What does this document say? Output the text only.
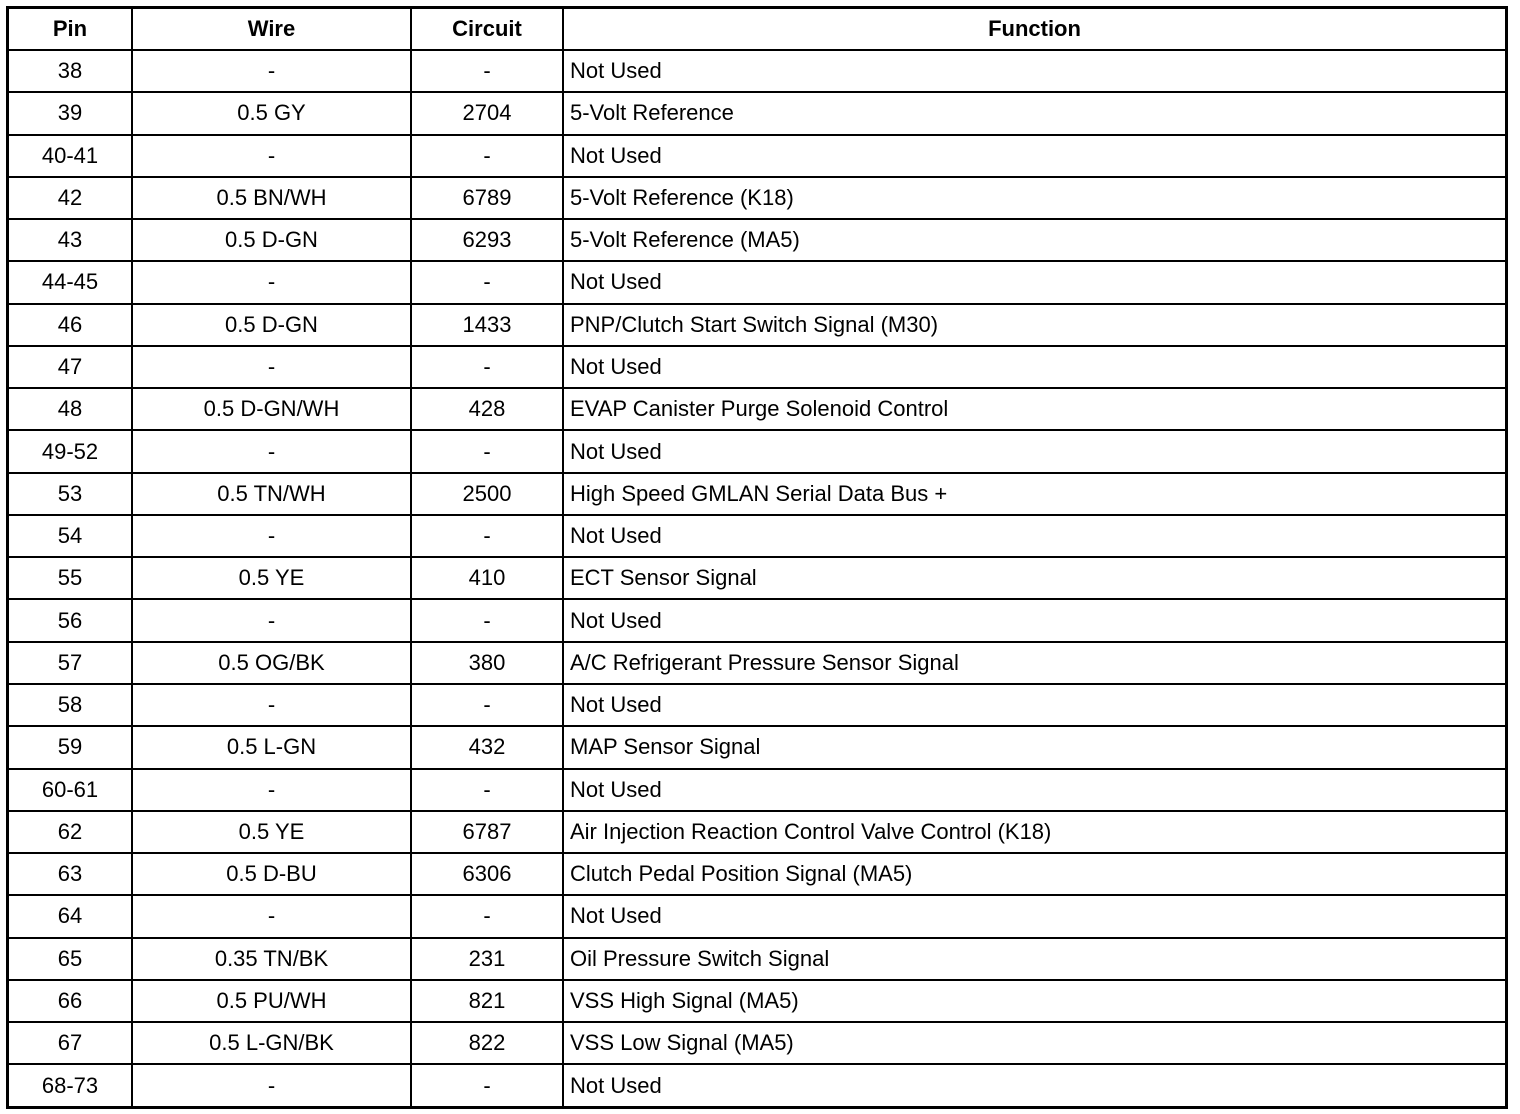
Pin	Wire	Circuit	Function
38	-	-	Not Used
39	0.5 GY	2704	5-Volt Reference
40-41	-	-	Not Used
42	0.5 BN/WH	6789	5-Volt Reference (K18)
43	0.5 D-GN	6293	5-Volt Reference (MA5)
44-45	-	-	Not Used
46	0.5 D-GN	1433	PNP/Clutch Start Switch Signal (M30)
47	-	-	Not Used
48	0.5 D-GN/WH	428	EVAP Canister Purge Solenoid Control
49-52	-	-	Not Used
53	0.5 TN/WH	2500	High Speed GMLAN Serial Data Bus +
54	-	-	Not Used
55	0.5 YE	410	ECT Sensor Signal
56	-	-	Not Used
57	0.5 OG/BK	380	A/C Refrigerant Pressure Sensor Signal
58	-	-	Not Used
59	0.5 L-GN	432	MAP Sensor Signal
60-61	-	-	Not Used
62	0.5 YE	6787	Air Injection Reaction Control Valve Control (K18)
63	0.5 D-BU	6306	Clutch Pedal Position Signal (MA5)
64	-	-	Not Used
65	0.35 TN/BK	231	Oil Pressure Switch Signal
66	0.5 PU/WH	821	VSS High Signal (MA5)
67	0.5 L-GN/BK	822	VSS Low Signal (MA5)
68-73	-	-	Not Used
